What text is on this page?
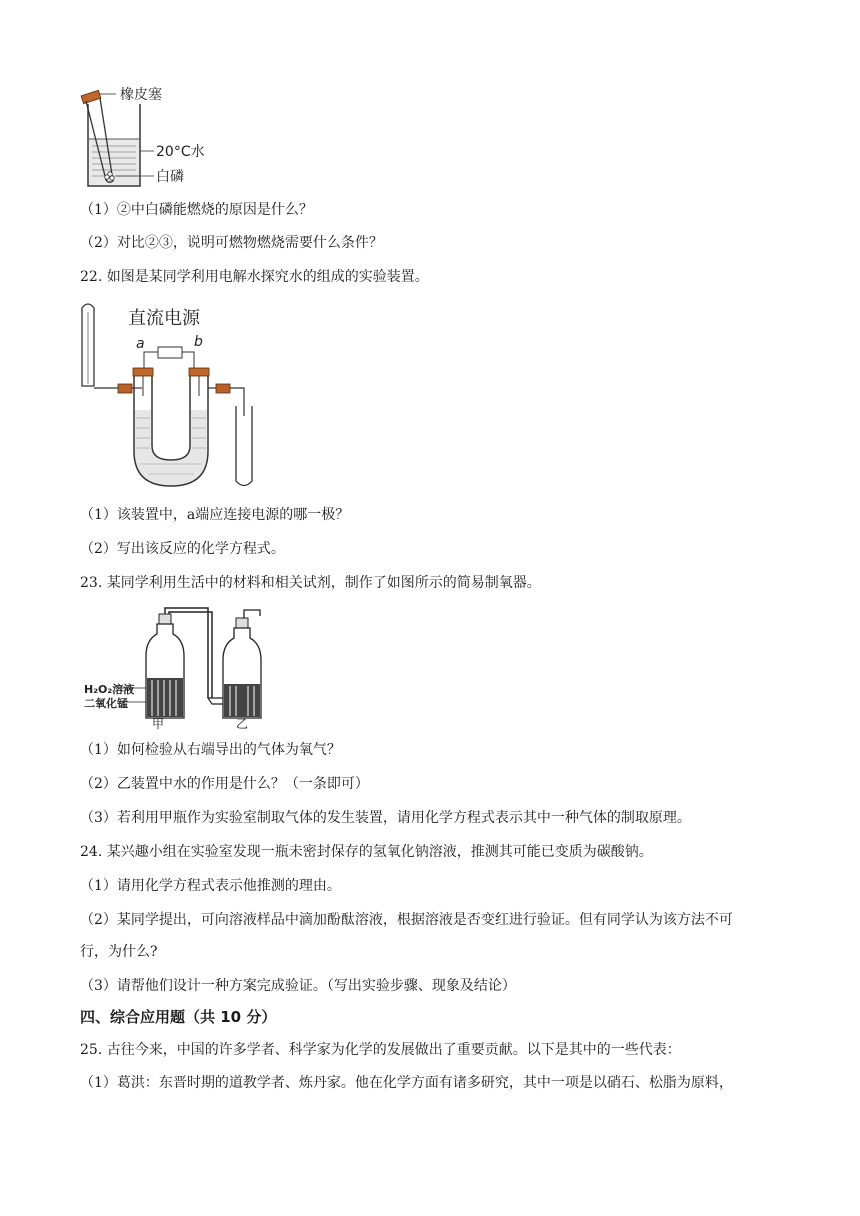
橡皮塞
20°C水
白磷
（1）②中白磷能燃烧的原因是什么？
（2）对比②③，说明可燃物燃烧需要什么条件？
22. 如图是某同学利用电解水探究水的组成的实验装置。
直流电源
a	b
（1）该装置中，a端应连接电源的哪一极？
（2）写出该反应的化学方程式。
23. 某同学利用生活中的材料和相关试剂，制作了如图所示的简易制氧器。
H₂O₂溶液
二氧化锰
甲	乙
（1）如何检验从右端导出的气体为氧气？
（2）乙装置中水的作用是什么？（一条即可）
（3）若利用甲瓶作为实验室制取气体的发生装置，请用化学方程式表示其中一种气体的制取原理。
24. 某兴趣小组在实验室发现一瓶未密封保存的氢氧化钠溶液，推测其可能已变质为碳酸钠。
（1）请用化学方程式表示他推测的理由。
（2）某同学提出，可向溶液样品中滴加酚酞溶液，根据溶液是否变红进行验证。但有同学认为该方法不可
行，为什么?
（3）请帮他们设计一种方案完成验证。（写出实验步骤、现象及结论）
四、综合应用题（共 10 分）
25. 古往今来，中国的许多学者、科学家为化学的发展做出了重要贡献。以下是其中的一些代表：
（1）葛洪：东晋时期的道教学者、炼丹家。他在化学方面有诸多研究，其中一项是以硝石、松脂为原料，
